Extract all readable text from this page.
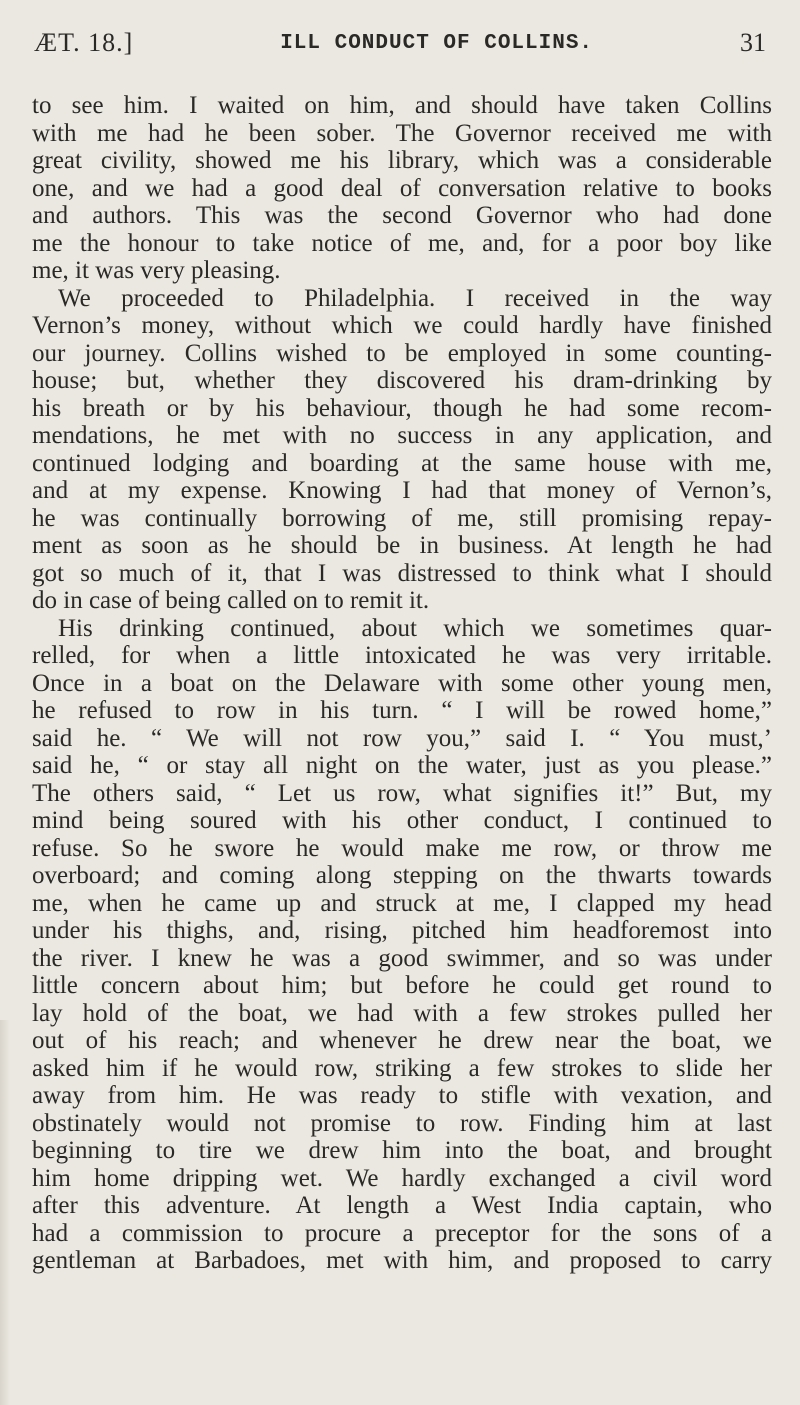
ÆT. 18.]	ILL CONDUCT OF COLLINS.	31
to see him. I waited on him, and should have taken Collins
with me had he been sober. The Governor received me with
great civility, showed me his library, which was a considerable
one, and we had a good deal of conversation relative to books
and authors. This was the second Governor who had done
me the honour to take notice of me, and, for a poor boy like
me, it was very pleasing.
We proceeded to Philadelphia. I received in the way
Vernon’s money, without which we could hardly have finished
our journey. Collins wished to be employed in some counting-
house; but, whether they discovered his dram-drinking by
his breath or by his behaviour, though he had some recom-
mendations, he met with no success in any application, and
continued lodging and boarding at the same house with me,
and at my expense. Knowing I had that money of Vernon’s,
he was continually borrowing of me, still promising repay-
ment as soon as he should be in business. At length he had
got so much of it, that I was distressed to think what I should
do in case of being called on to remit it.
His drinking continued, about which we sometimes quar-
relled, for when a little intoxicated he was very irritable.
Once in a boat on the Delaware with some other young men,
he refused to row in his turn. “ I will be rowed home,”
said he. “ We will not row you,” said I. “ You must,’
said he, “ or stay all night on the water, just as you please.”
The others said, “ Let us row, what signifies it!” But, my
mind being soured with his other conduct, I continued to
refuse. So he swore he would make me row, or throw me
overboard; and coming along stepping on the thwarts towards
me, when he came up and struck at me, I clapped my head
under his thighs, and, rising, pitched him headforemost into
the river. I knew he was a good swimmer, and so was under
little concern about him; but before he could get round to
lay hold of the boat, we had with a few strokes pulled her
out of his reach; and whenever he drew near the boat, we
asked him if he would row, striking a few strokes to slide her
away from him. He was ready to stifle with vexation, and
obstinately would not promise to row. Finding him at last
beginning to tire we drew him into the boat, and brought
him home dripping wet. We hardly exchanged a civil word
after this adventure. At length a West India captain, who
had a commission to procure a preceptor for the sons of a
gentleman at Barbadoes, met with him, and proposed to carry
